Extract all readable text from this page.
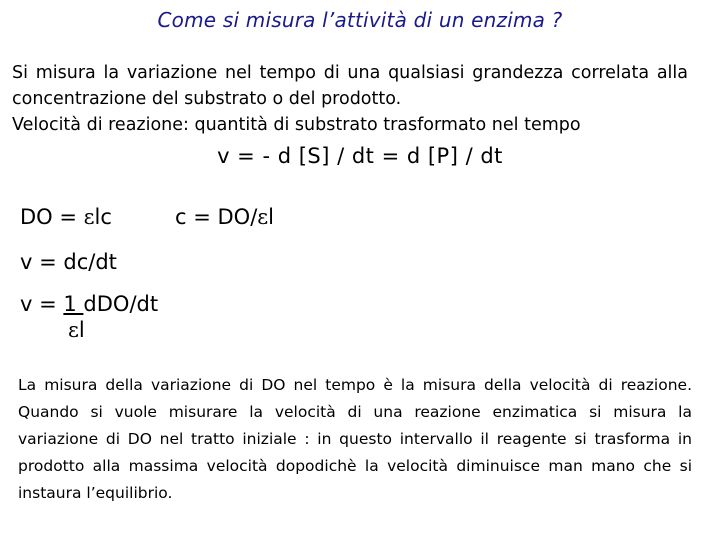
Come si misura l’attività di un enzima ?

Si misura la variazione nel tempo di una qualsiasi grandezza correlata alla concentrazione del substrato o del prodotto.

Velocità di reazione: quantità di substrato trasformato nel tempo

v = - d [S] / dt = d [P] / dt
DO = εlc	c = DO/εl
v = dc/dt
v = 1 dDO/dt
εl
La misura della variazione di DO nel tempo è la misura della velocità di reazione. Quando si vuole misurare la velocità di una reazione enzimatica si misura la variazione di DO nel tratto iniziale : in questo intervallo il reagente si trasforma in prodotto alla massima velocità dopodichè la velocità diminuisce man mano che si instaura l’equilibrio.
